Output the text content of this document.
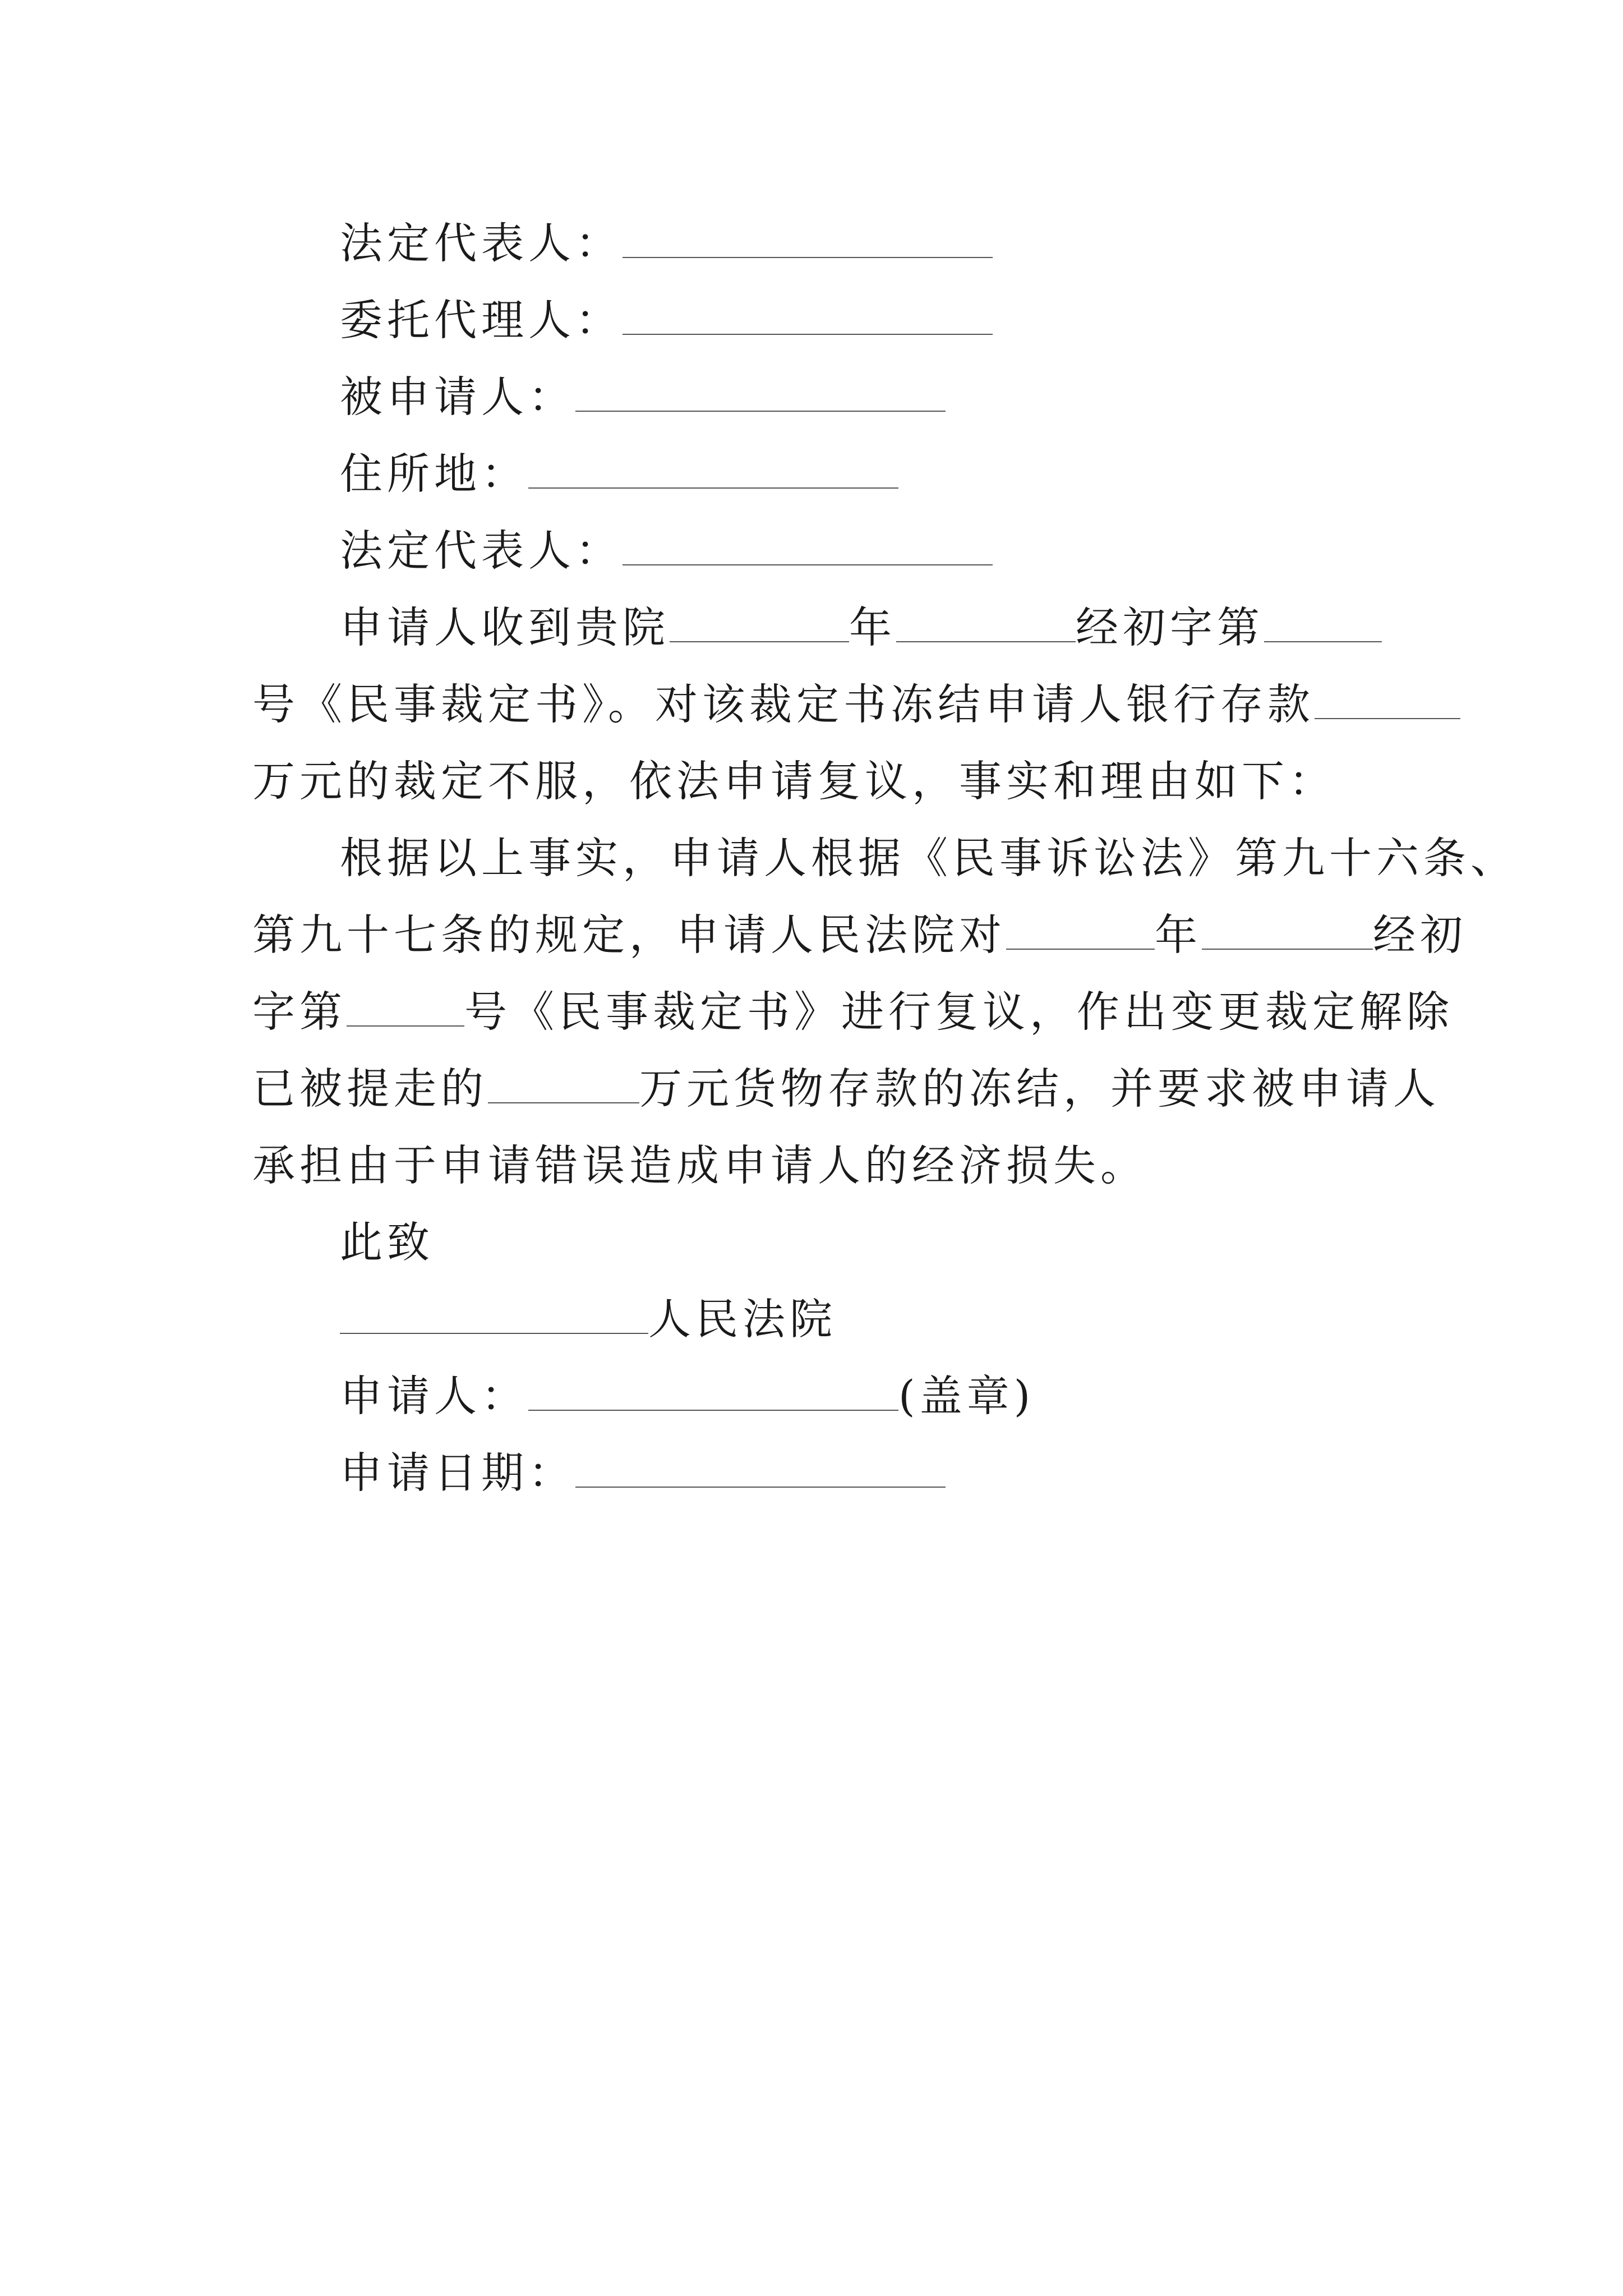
法定代表人：
委托代理人：
被申请人：
住所地：
法定代表人：
申请人收到贵院	年	经初字第
号《民事裁定书》。对该裁定书冻结申请人银行存款
万元的裁定不服，依法申请复议，事实和理由如下：
根据以上事实，申请人根据《民事诉讼法》第九十六条、
第九十七条的规定，申请人民法院对	年	经初
字第	号《民事裁定书》进行复议，作出变更裁定解除
已被提走的	万元货物存款的冻结，并要求被申请人
承担由于申请错误造成申请人的经济损失。
此致
人民法院
申请人：	(盖章)
申请日期：
